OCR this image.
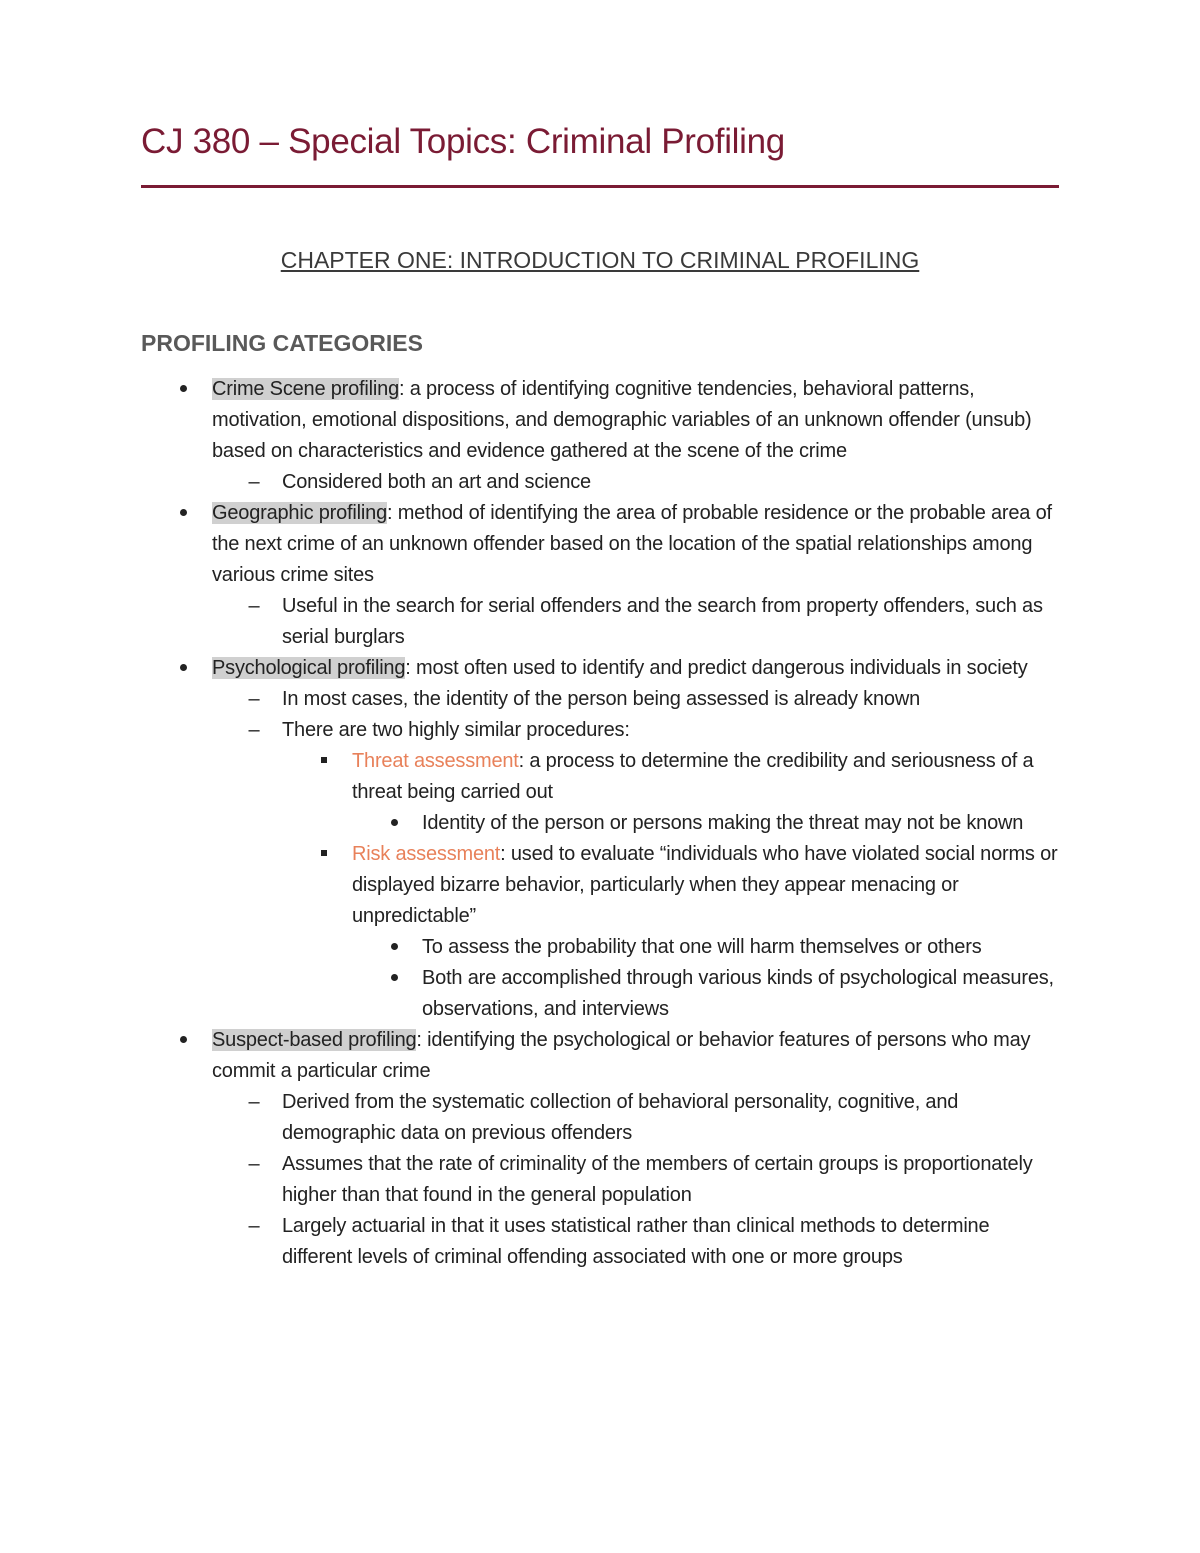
CJ 380 – Special Topics: Criminal Profiling
CHAPTER ONE: INTRODUCTION TO CRIMINAL PROFILING
PROFILING CATEGORIES
Crime Scene profiling: a process of identifying cognitive tendencies, behavioral patterns, motivation, emotional dispositions, and demographic variables of an unknown offender (unsub) based on characteristics and evidence gathered at the scene of the crime
– Considered both an art and science
Geographic profiling: method of identifying the area of probable residence or the probable area of the next crime of an unknown offender based on the location of the spatial relationships among various crime sites
– Useful in the search for serial offenders and the search from property offenders, such as serial burglars
Psychological profiling: most often used to identify and predict dangerous individuals in society
– In most cases, the identity of the person being assessed is already known
– There are two highly similar procedures:
Threat assessment: a process to determine the credibility and seriousness of a threat being carried out
Identity of the person or persons making the threat may not be known
Risk assessment: used to evaluate “individuals who have violated social norms or displayed bizarre behavior, particularly when they appear menacing or unpredictable”
To assess the probability that one will harm themselves or others
Both are accomplished through various kinds of psychological measures, observations, and interviews
Suspect-based profiling: identifying the psychological or behavior features of persons who may commit a particular crime
– Derived from the systematic collection of behavioral personality, cognitive, and demographic data on previous offenders
– Assumes that the rate of criminality of the members of certain groups is proportionately higher than that found in the general population
– Largely actuarial in that it uses statistical rather than clinical methods to determine different levels of criminal offending associated with one or more groups
